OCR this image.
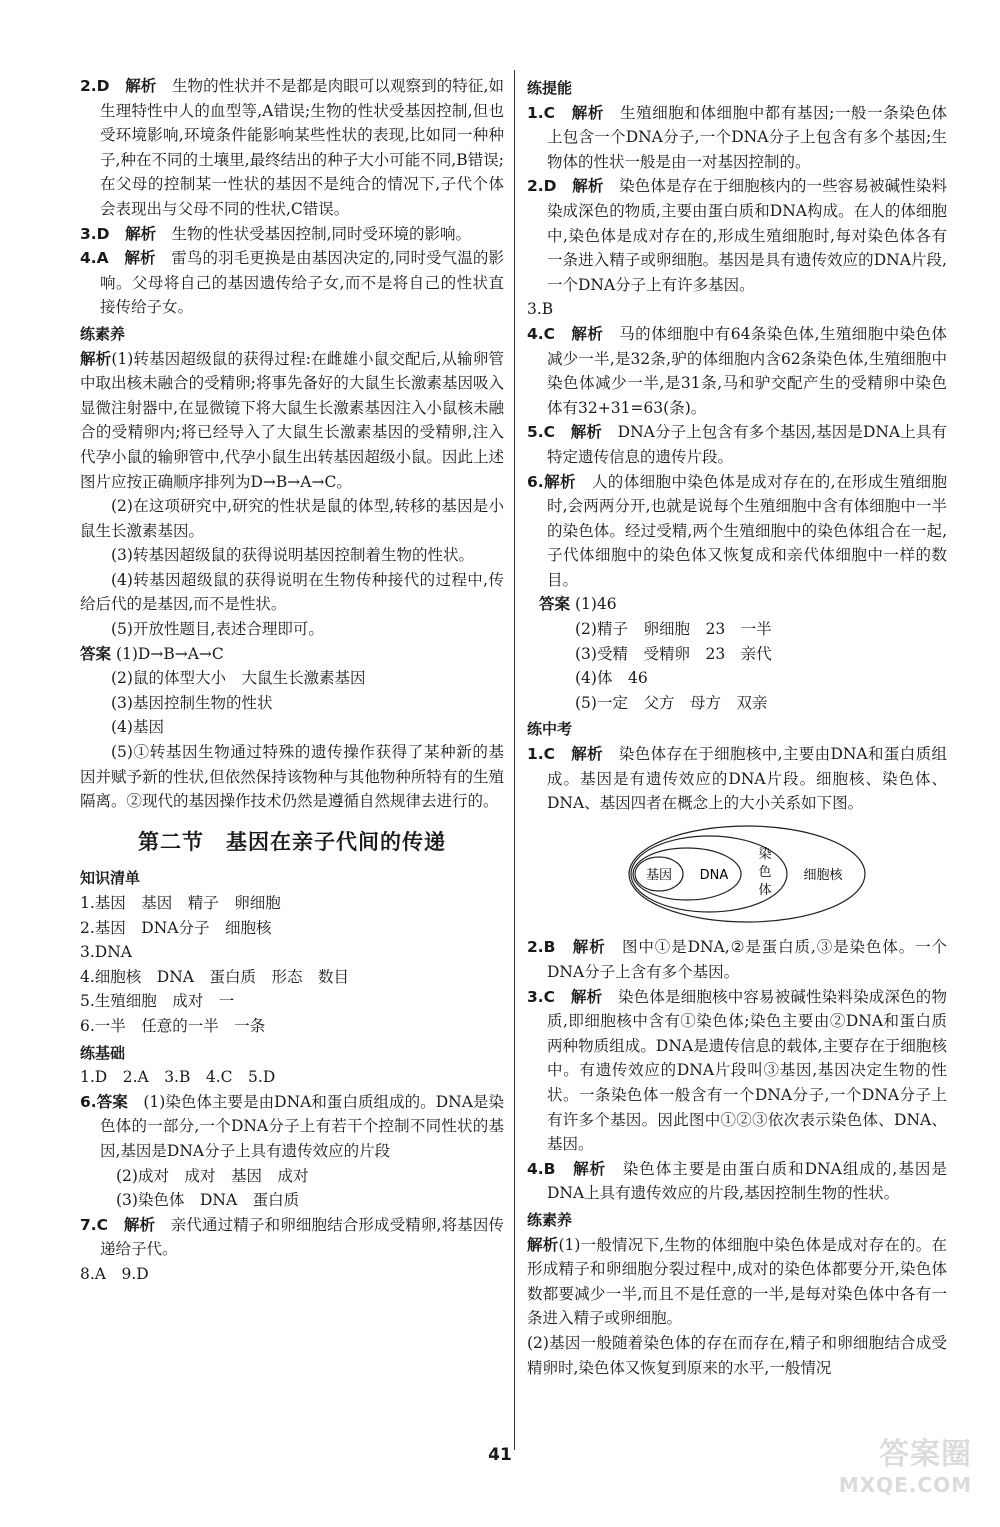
2.D　 解析　 生物的性状并不是都是肉眼可以观察到的特征,如生理特性中人的血型等,A错误;生物的性状受基因控制,但也受环境影响,环境条件能影响某些性状的表现,比如同一种种子,种在不同的土壤里,最终结出的种子大小可能不同,B错误;在父母的控制某一性状的基因不是纯合的情况下,子代个体会表现出与父母不同的性状,C错误。

3.D　 解析　 生物的性状受基因控制,同时受环境的影响。

4.A　 解析　 雷鸟的羽毛更换是由基因决定的,同时受气温的影响。父母将自己的基因遗传给子女,而不是将自己的性状直接传给子女。

练素养

解析(1)转基因超级鼠的获得过程:在雌雄小鼠交配后,从输卵管中取出核未融合的受精卵;将事先备好的大鼠生长激素基因吸入显微注射器中,在显微镜下将大鼠生长激素基因注入小鼠核未融合的受精卵内;将已经导入了大鼠生长激素基因的受精卵,注入代孕小鼠的输卵管中,代孕小鼠生出转基因超级小鼠。因此上述图片应按正确顺序排列为D→B→A→C。

(2)在这项研究中,研究的性状是鼠的体型,转移的基因是小鼠生长激素基因。

(3)转基因超级鼠的获得说明基因控制着生物的性状。

(4)转基因超级鼠的获得说明在生物传种接代的过程中,传给后代的是基因,而不是性状。

(5)开放性题目,表述合理即可。

答案 (1)D→B→A→C

(2)鼠的体型大小　大鼠生长激素基因

(3)基因控制生物的性状

(4)基因

(5)①转基因生物通过特殊的遗传操作获得了某种新的基因并赋予新的性状,但依然保持该物种与其他物种所特有的生殖隔离。②现代的基因操作技术仍然是遵循自然规律去进行的。

第二节　基因在亲子代间的传递

知识清单

1.基因　基因　精子　卵细胞

2.基因　DNA分子　细胞核

3.DNA

4.细胞核　DNA　蛋白质　形态　数目

5.生殖细胞　成对　一

6.一半　任意的一半　一条

练基础

1.D　2.A　3.B　4.C　5.D

6.答案　 (1)染色体主要是由DNA和蛋白质组成的。DNA是染色体的一部分,一个DNA分子上有若干个控制不同性状的基因,基因是DNA分子上具有遗传效应的片段

(2)成对　成对　基因　成对

(3)染色体　DNA　蛋白质

7.C　 解析　 亲代通过精子和卵细胞结合形成受精卵,将基因传递给子代。

8.A　9.D

练提能

1.C　 解析　 生殖细胞和体细胞中都有基因;一般一条染色体上包含一个DNA分子,一个DNA分子上包含有多个基因;生物体的性状一般是由一对基因控制的。

2.D　 解析　 染色体是存在于细胞核内的一些容易被碱性染料染成深色的物质,主要由蛋白质和DNA构成。在人的体细胞中,染色体是成对存在的,形成生殖细胞时,每对染色体各有一条进入精子或卵细胞。基因是具有遗传效应的DNA片段,一个DNA分子上有许多基因。

3.B

4.C　 解析　 马的体细胞中有64条染色体,生殖细胞中染色体减少一半,是32条,驴的体细胞内含62条染色体,生殖细胞中染色体减少一半,是31条,马和驴交配产生的受精卵中染色体有32+31=63(条)。

5.C　 解析　 DNA分子上包含有多个基因,基因是DNA上具有特定遗传信息的遗传片段。

6.解析　 人的体细胞中染色体是成对存在的,在形成生殖细胞时,会两两分开,也就是说每个生殖细胞中含有体细胞中一半的染色体。经过受精,两个生殖细胞中的染色体组合在一起,子代体细胞中的染色体又恢复成和亲代体细胞中一样的数目。

答案 (1)46

(2)精子　卵细胞　23　一半

(3)受精　受精卵　23　亲代

(4)体　46

(5)一定　父方　母方　双亲

练中考

1.C　 解析　 染色体存在于细胞核中,主要由DNA和蛋白质组成。基因是有遗传效应的DNA片段。细胞核、染色体、DNA、基因四者在概念上的大小关系如下图。

基因 DNA
染
色
体
细胞核

2.B　 解析　 图中①是DNA,②是蛋白质,③是染色体。一个DNA分子上含有多个基因。

3.C　 解析　 染色体是细胞核中容易被碱性染料染成深色的物质,即细胞核中含有①染色体;染色主要由②DNA和蛋白质两种物质组成。DNA是遗传信息的载体,主要存在于细胞核中。有遗传效应的DNA片段叫③基因,基因决定生物的性状。一条染色体一般含有一个DNA分子,一个DNA分子上有许多个基因。因此图中①②③依次表示染色体、DNA、基因。

4.B　 解析　 染色体主要是由蛋白质和DNA组成的,基因是DNA上具有遗传效应的片段,基因控制生物的性状。

练素养

解析(1)一般情况下,生物的体细胞中染色体是成对存在的。在形成精子和卵细胞分裂过程中,成对的染色体都要分开,染色体数都要减少一半,而且不是任意的一半,是每对染色体中各有一条进入精子或卵细胞。

(2)基因一般随着染色体的存在而存在,精子和卵细胞结合成受精卵时,染色体又恢复到原来的水平,一般情况

41	答案圈
MXQE.COM
